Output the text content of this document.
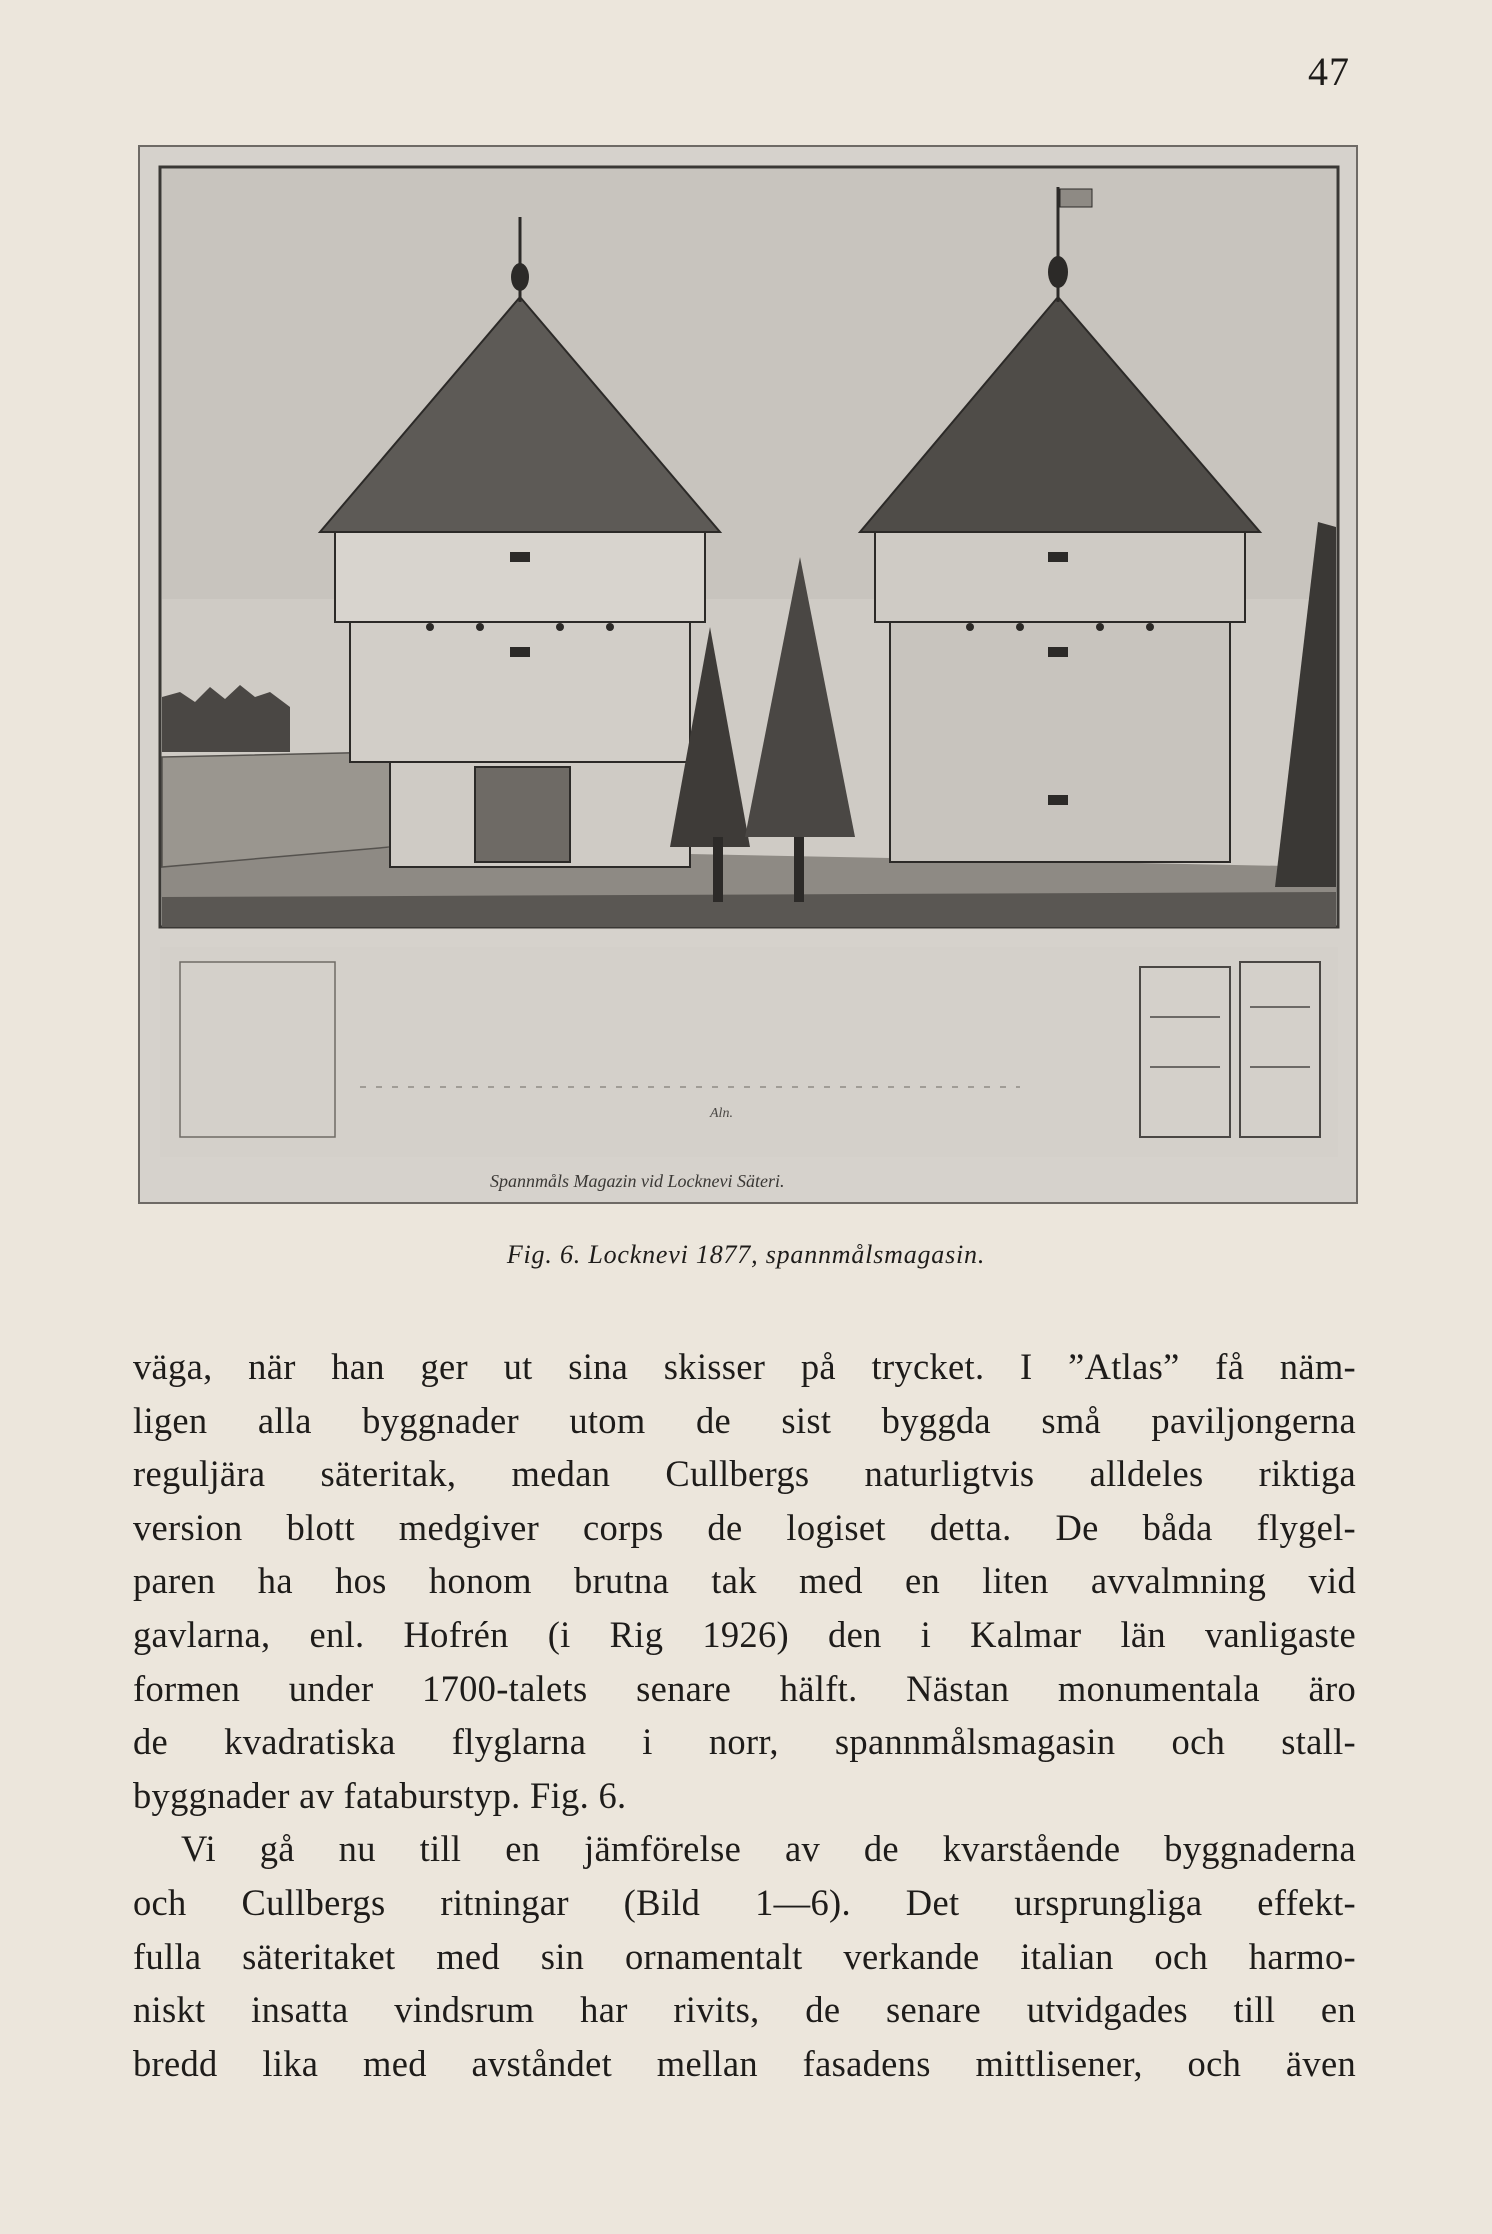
47
Aln.
Spannmåls Magazin vid Locknevi Säteri.
Fig. 6. Locknevi 1877, spannmålsmagasin.

väga, när han ger ut sina skisser på trycket. I ”Atlas” få näm-
ligen alla byggnader utom de sist byggda små paviljongerna
reguljära säteritak, medan Cullbergs naturligtvis alldeles riktiga
version blott medgiver corps de logiset detta. De båda flygel-
paren ha hos honom brutna tak med en liten avvalmning vid
gavlarna, enl. Hofrén (i Rig 1926) den i Kalmar län vanligaste
formen under 1700-talets senare hälft. Nästan monumentala äro
de kvadratiska flyglarna i norr, spannmålsmagasin och stall-
byggnader av fataburstyp. Fig. 6.

Vi gå nu till en jämförelse av de kvarstående byggnaderna
och Cullbergs ritningar (Bild 1—6). Det ursprungliga effekt-
fulla säteritaket med sin ornamentalt verkande italian och harmo-
niskt insatta vindsrum har rivits, de senare utvidgades till en
bredd lika med avståndet mellan fasadens mittlisener, och även
